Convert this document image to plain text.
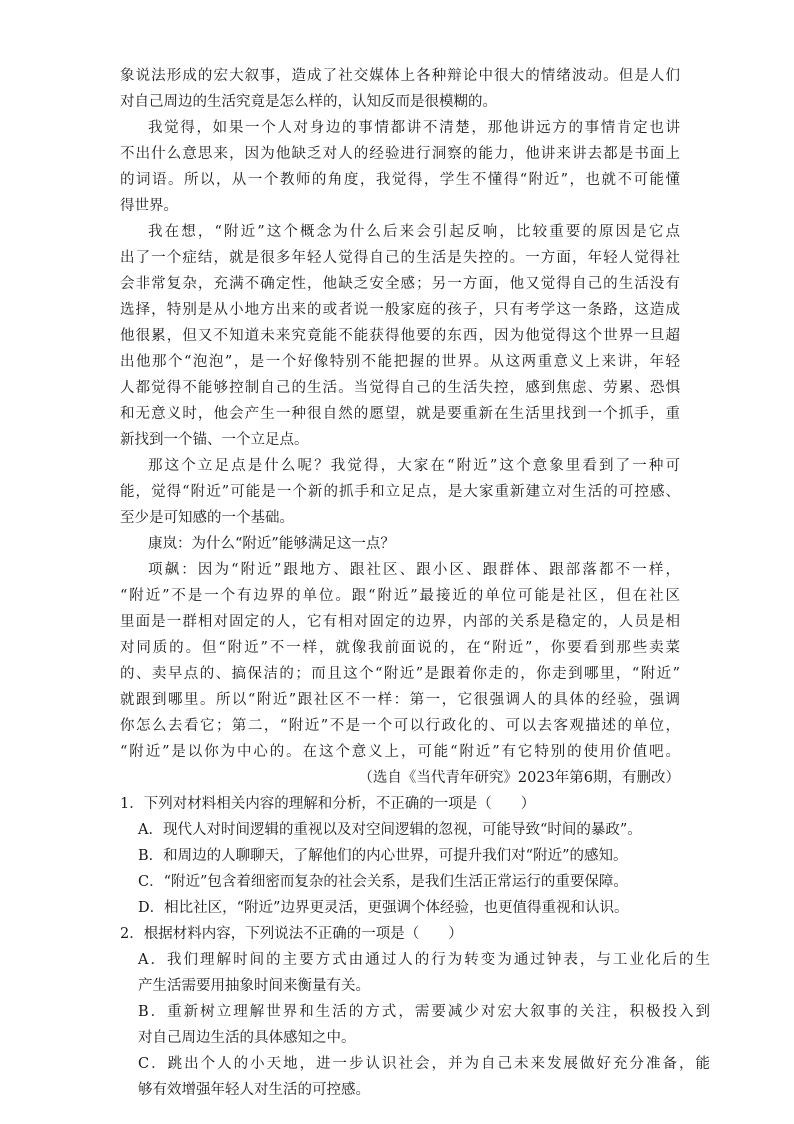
象说法形成的宏大叙事，造成了社交媒体上各种辩论中很大的情绪波动。但是人们
对自己周边的生活究竟是怎么样的，认知反而是很模糊的。
我觉得，如果一个人对身边的事情都讲不清楚，那他讲远方的事情肯定也讲
不出什么意思来，因为他缺乏对人的经验进行洞察的能力，他讲来讲去都是书面上
的词语。所以，从一个教师的角度，我觉得，学生不懂得“附近”，也就不可能懂
得世界。
我在想，“附近”这个概念为什么后来会引起反响，比较重要的原因是它点
出了一个症结，就是很多年轻人觉得自己的生活是失控的。一方面，年轻人觉得社
会非常复杂，充满不确定性，他缺乏安全感；另一方面，他又觉得自己的生活没有
选择，特别是从小地方出来的或者说一般家庭的孩子，只有考学这一条路，这造成
他很累，但又不知道未来究竟能不能获得他要的东西，因为他觉得这个世界一旦超
出他那个“泡泡”，是一个好像特别不能把握的世界。从这两重意义上来讲，年轻
人都觉得不能够控制自己的生活。当觉得自己的生活失控，感到焦虑、劳累、恐惧
和无意义时，他会产生一种很自然的愿望，就是要重新在生活里找到一个抓手，重
新找到一个锚、一个立足点。
那这个立足点是什么呢？我觉得，大家在“附近”这个意象里看到了一种可
能，觉得“附近”可能是一个新的抓手和立足点，是大家重新建立对生活的可控感、
至少是可知感的一个基础。
康岚：为什么“附近”能够满足这一点？
项飙：因为“附近”跟地方、跟社区、跟小区、跟群体、跟部落都不一样，
“附近”不是一个有边界的单位。跟“附近”最接近的单位可能是社区，但在社区
里面是一群相对固定的人，它有相对固定的边界，内部的关系是稳定的，人员是相
对同质的。但“附近”不一样，就像我前面说的，在“附近”，你要看到那些卖菜
的、卖早点的、搞保洁的；而且这个“附近”是跟着你走的，你走到哪里，“附近”
就跟到哪里。所以“附近”跟社区不一样：第一，它很强调人的具体的经验，强调
你怎么去看它；第二，“附近”不是一个可以行政化的、可以去客观描述的单位，
“附近”是以你为中心的。在这个意义上，可能“附近”有它特别的使用价值吧。
（选自《当代青年研究》2023年第6期，有删改）
1．下列对材料相关内容的理解和分析，不正确的一项是（　　）
A．现代人对时间逻辑的重视以及对空间逻辑的忽视，可能导致“时间的暴政”。
B．和周边的人聊聊天，了解他们的内心世界，可提升我们对“附近”的感知。
C．“附近”包含着细密而复杂的社会关系，是我们生活正常运行的重要保障。
D．相比社区，“附近”边界更灵活，更强调个体经验，也更值得重视和认识。
2．根据材料内容，下列说法不正确的一项是（　　）
A．我们理解时间的主要方式由通过人的行为转变为通过钟表，与工业化后的生
产生活需要用抽象时间来衡量有关。
B．重新树立理解世界和生活的方式，需要减少对宏大叙事的关注，积极投入到
对自己周边生活的具体感知之中。
C．跳出个人的小天地，进一步认识社会，并为自己未来发展做好充分准备，能
够有效增强年轻人对生活的可控感。
